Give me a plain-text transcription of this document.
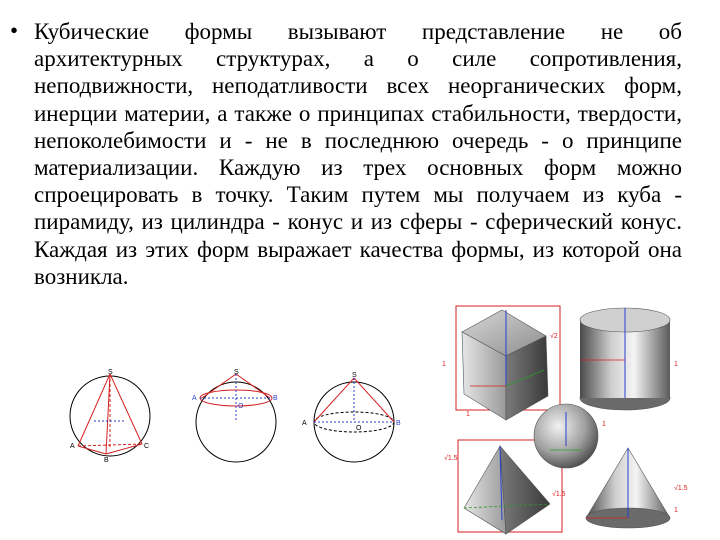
• Кубические формы вызывают представление не об архитектурных структурах, а о силе сопротивления, неподвижности, неподатливости всех неорганических форм, инерции материи, а также о принципах стабильности, твердости, непоколебимости и - не в последнюю очередь - о принципе материализации. Каждую из трех основных форм можно спроецировать в точку. Таким путем мы получаем из куба - пирамиду, из цилиндра - конус и из сферы - сферический конус. Каждая из этих форм выражает качества формы, из которой она возникла.

S
A
B
C
S
A
O
B
S
A
O
B
1
√2
1
1
√1.5
√1.5
1
√1.5
1
